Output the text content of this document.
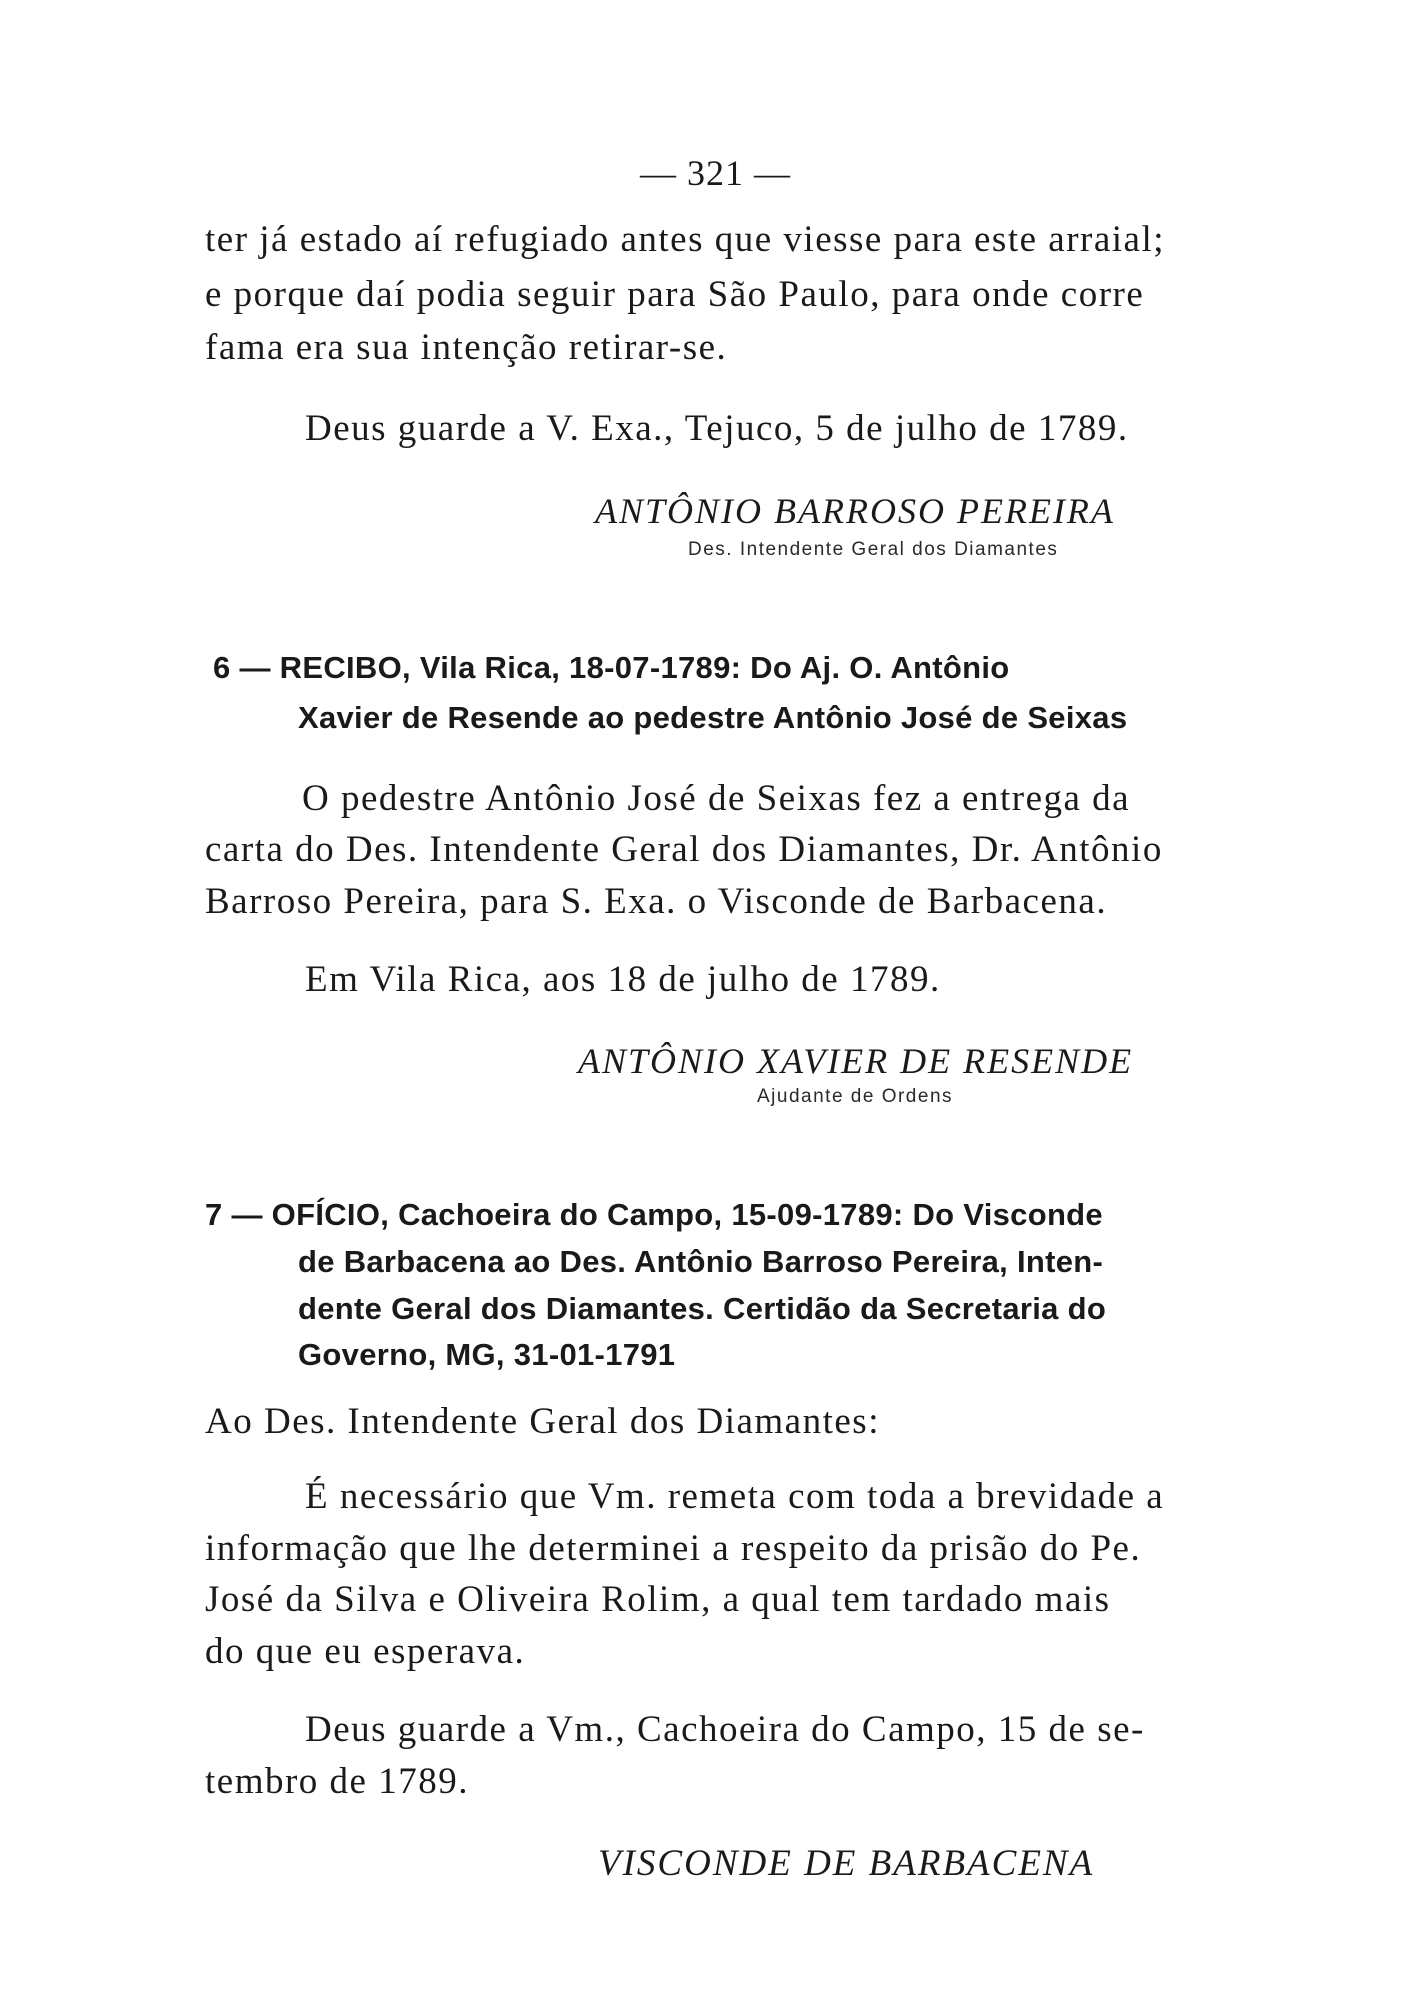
— 321 —
ter já estado aí refugiado antes que viesse para este arraial;
e porque daí podia seguir para São Paulo, para onde corre
fama era sua intenção retirar-se.
Deus guarde a V. Exa., Tejuco, 5 de julho de 1789.
ANTÔNIO BARROSO PEREIRA
Des. Intendente Geral dos Diamantes
6 — RECIBO, Vila Rica, 18-07-1789: Do Aj. O. Antônio
Xavier de Resende ao pedestre Antônio José de Seixas
O pedestre Antônio José de Seixas fez a entrega da
carta do Des. Intendente Geral dos Diamantes, Dr. Antônio
Barroso Pereira, para S. Exa. o Visconde de Barbacena.
Em Vila Rica, aos 18 de julho de 1789.
ANTÔNIO XAVIER DE RESENDE
Ajudante de Ordens
7 — OFÍCIO, Cachoeira do Campo, 15-09-1789: Do Visconde
de Barbacena ao Des. Antônio Barroso Pereira, Inten-
dente Geral dos Diamantes. Certidão da Secretaria do
Governo, MG, 31-01-1791
Ao Des. Intendente Geral dos Diamantes:
É necessário que Vm. remeta com toda a brevidade a
informação que lhe determinei a respeito da prisão do Pe.
José da Silva e Oliveira Rolim, a qual tem tardado mais
do que eu esperava.
Deus guarde a Vm., Cachoeira do Campo, 15 de se-
tembro de 1789.
VISCONDE DE BARBACENA
